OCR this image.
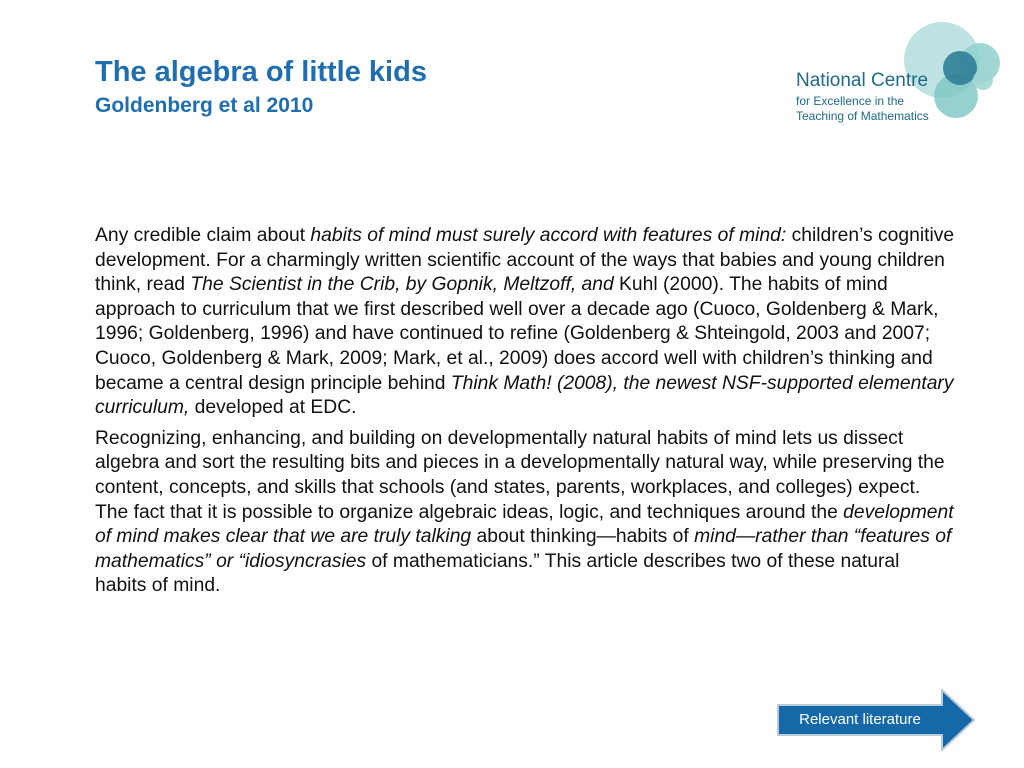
The algebra of little kids
Goldenberg et al 2010
National Centre
for Excellence in the
Teaching of Mathematics

Any credible claim about habits of mind must surely accord with features of mind: children’s cognitive development. For a charmingly written scientific account of the ways that babies and young children think, read The Scientist in the Crib, by Gopnik, Meltzoff, and Kuhl (2000). The habits of mind approach to curriculum that we first described well over a decade ago (Cuoco, Goldenberg & Mark, 1996; Goldenberg, 1996) and have continued to refine (Goldenberg & Shteingold, 2003 and 2007; Cuoco, Goldenberg & Mark, 2009; Mark, et al., 2009) does accord well with children’s thinking and became a central design principle behind Think Math! (2008), the newest NSF-supported elementary curriculum, developed at EDC.

Recognizing, enhancing, and building on developmentally natural habits of mind lets us dissect algebra and sort the resulting bits and pieces in a developmentally natural way, while preserving the content, concepts, and skills that schools (and states, parents, workplaces, and colleges) expect. The fact that it is possible to organize algebraic ideas, logic, and techniques around the development of mind makes clear that we are truly talking about thinking—habits of mind—rather than “features of mathematics” or “idiosyncrasies of mathematicians.” This article describes two of these natural habits of mind.

Relevant literature
